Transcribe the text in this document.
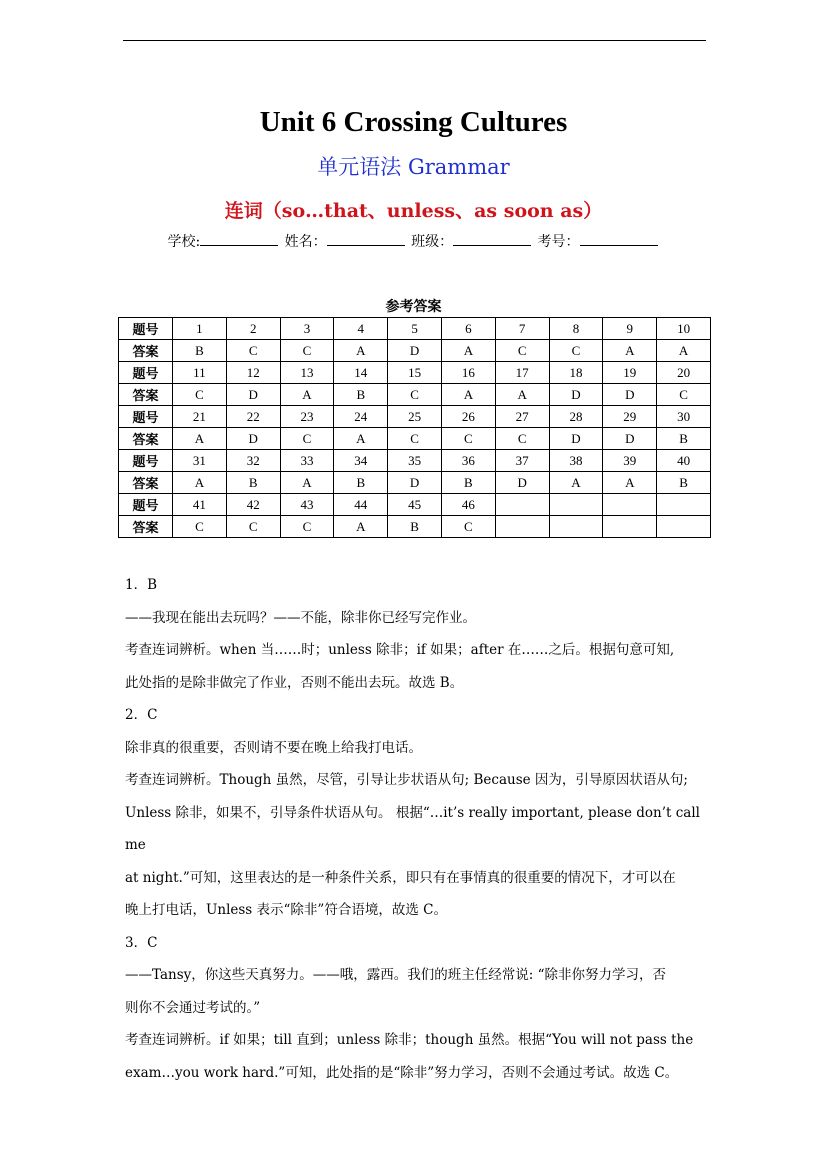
Unit 6 Crossing Cultures
单元语法 Grammar
连词（so…that、unless、as soon as）
学校:	姓名：	班级：	考号：
参考答案
题号	1	2	3	4	5	6	7	8	9	10
答案	B	C	C	A	D	A	C	C	A	A
题号	11	12	13	14	15	16	17	18	19	20
答案	C	D	A	B	C	A	A	D	D	C
题号	21	22	23	24	25	26	27	28	29	30
答案	A	D	C	A	C	C	C	D	D	B
题号	31	32	33	34	35	36	37	38	39	40
答案	A	B	A	B	D	B	D	A	A	B
题号	41	42	43	44	45	46				
答案	C	C	C	A	B	C				

1．B

——我现在能出去玩吗？——不能，除非你已经写完作业。

考查连词辨析。when 当……时；unless 除非；if 如果；after 在……之后。根据句意可知,

此处指的是除非做完了作业，否则不能出去玩。故选 B。

2．C

除非真的很重要，否则请不要在晚上给我打电话。

考查连词辨析。Though 虽然，尽管，引导让步状语从句; Because 因为，引导原因状语从句;

Unless 除非，如果不，引导条件状语从句。 根据“…it’s really important, please don’t call me

at night.”可知，这里表达的是一种条件关系，即只有在事情真的很重要的情况下，才可以在

晚上打电话，Unless 表示“除非”符合语境，故选 C。

3．C

——Tansy，你这些天真努力。——哦，露西。我们的班主任经常说: “除非你努力学习，否

则你不会通过考试的。”

考查连词辨析。if 如果；till 直到；unless 除非；though 虽然。根据“You will not pass the

exam…you work hard.”可知，此处指的是“除非”努力学习，否则不会通过考试。故选 C。
